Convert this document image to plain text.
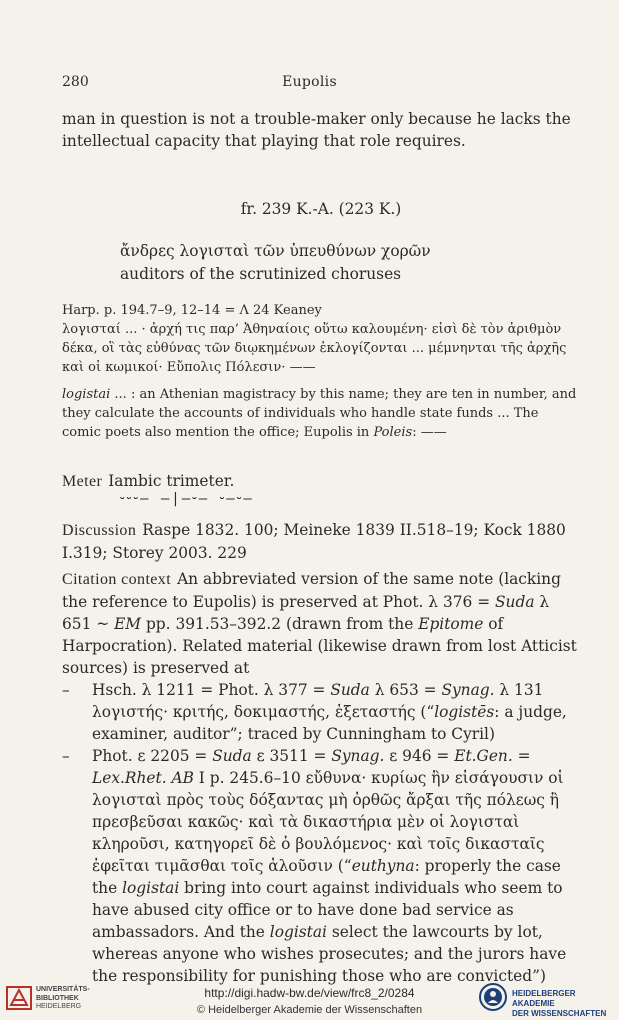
280	Eupolis
man in question is not a trouble-maker only because he lacks the intellectual capacity that playing that role requires.
fr. 239 K.-A. (223 K.)
ἄνδρες λογισταὶ τῶν ὑπευθύνων χορῶν
auditors of the scrutinized choruses
Harp. p. 194.7–9, 12–14 = Λ 24 Keaney
λογισταί ... · ἀρχή τις παρ’ Ἀθηναίοις οὕτω καλουμένη· εἰσὶ δὲ τὸν ἀριθμὸν δέκα, οἳ τὰς εὐθύνας τῶν διῳκημένων ἐκλογίζονται ... μέμνηνται τῆς ἀρχῆς καὶ οἱ κωμικοί· Εὔπολις Πόλεσιν· ——
logistai ... : an Athenian magistracy by this name; they are ten in number, and they calculate the accounts of individuals who handle state funds ... The comic poets also mention the office; Eupolis in Poleis: ——
Meter Iambic trimeter.
⏑⏑⏑– –|–⏑– ⏑–⏑–
Discussion Raspe 1832. 100; Meineke 1839 II.518–19; Kock 1880 I.319; Storey 2003. 229
Citation context An abbreviated version of the same note (lacking the reference to Eupolis) is preserved at Phot. λ 376 = Suda λ 651 ~ EM pp. 391.53–392.2 (drawn from the Epitome of Harpocration). Related material (likewise drawn from lost Atticist sources) is preserved at
– Hsch. λ 1211 = Phot. λ 377 = Suda λ 653 = Synag. λ 131 λογιστής· κριτής, δοκιμαστής, ἐξεταστής (“logistēs: a judge, examiner, auditor”; traced by Cunningham to Cyril)
– Phot. ε 2205 = Suda ε 3511 = Synag. ε 946 = Et.Gen. = Lex.Rhet. AB I p. 245.6–10 εὔθυνα· κυρίως ἣν εἰσάγουσιν οἱ λογισταὶ πρὸς τοὺς δόξαντας μὴ ὀρθῶς ἄρξαι τῆς πόλεως ἢ πρεσβεῦσαι κακῶς· καὶ τὰ δικαστήρια μὲν οἱ λογισταὶ κληροῦσι, κατηγορεῖ δὲ ὁ βουλόμενος· καὶ τοῖς δικασταῖς ἐφεῖται τιμᾶσθαι τοῖς ἁλοῦσιν (“euthyna: properly the case the logistai bring into court against individuals who seem to have abused city office or to have done bad service as ambassadors. And the logistai select the lawcourts by lot, whereas anyone who wishes prosecutes; and the jurors have the responsibility for punishing those who are convicted”)
UNIVERSITÄTS-
BIBLIOTHEK
HEIDELBERG
http://digi.hadw-bw.de/view/frc8_2/0284
© Heidelberger Akademie der Wissenschaften
HEIDELBERGER AKADEMIE
DER WISSENSCHAFTEN
